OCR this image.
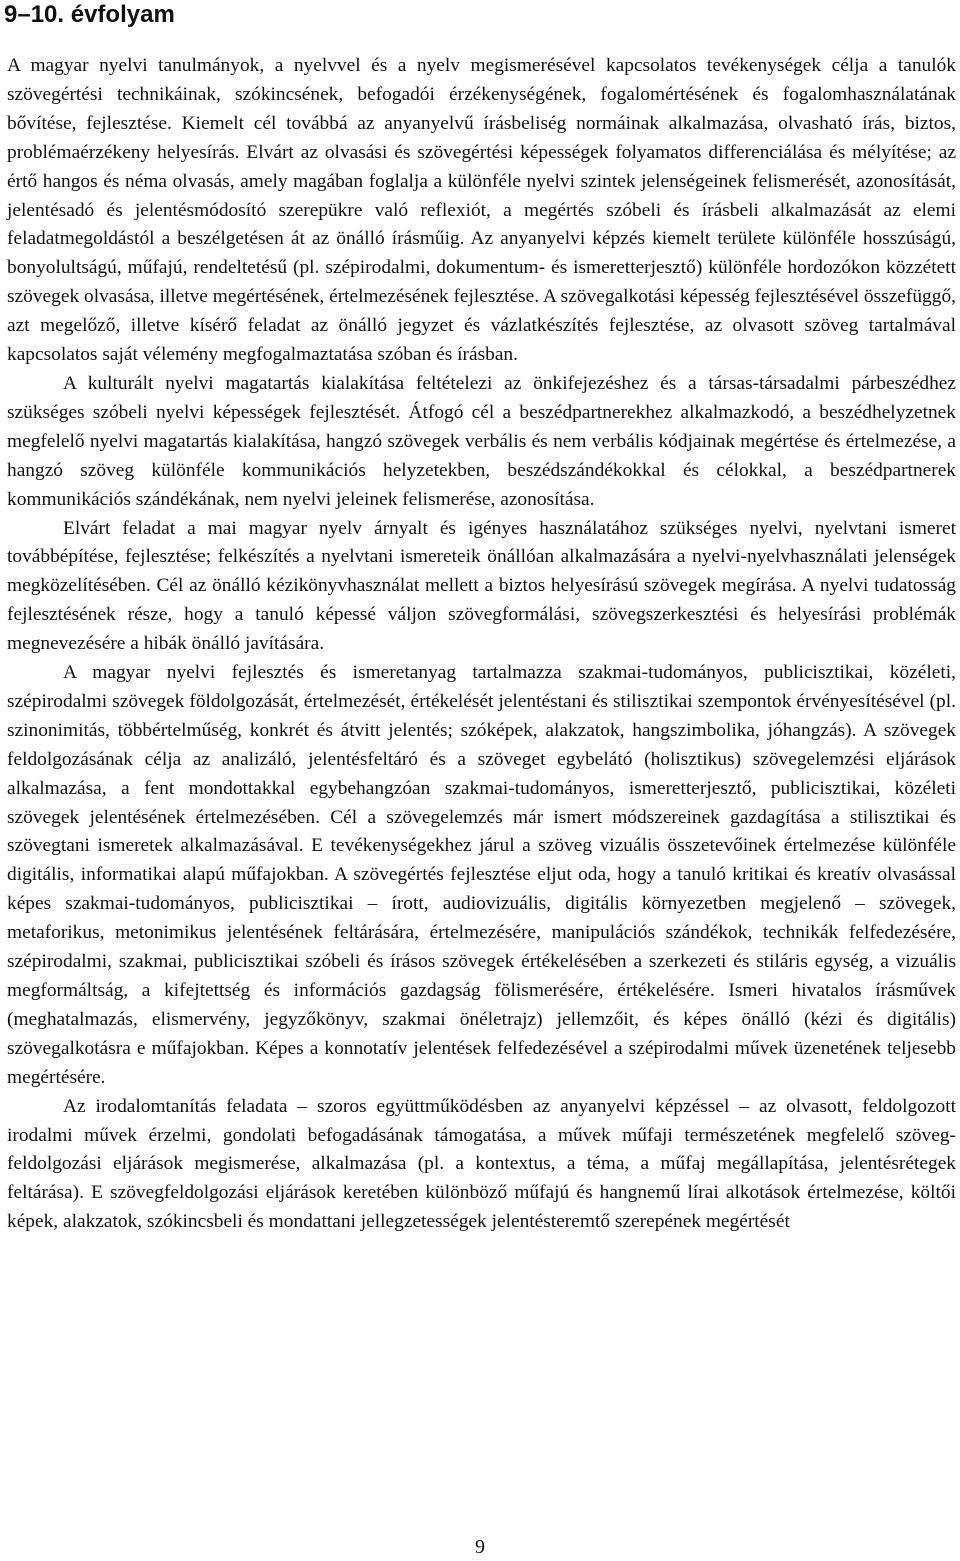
9–10. évfolyam

A magyar nyelvi tanulmányok, a nyelvvel és a nyelv megismerésével kapcsolatos tevékenységek célja a tanulók szövegértési technikáinak, szókincsének, befogadói érzékenységének, fogalomértésének és fogalomhasználatának bővítése, fejlesztése. Kiemelt cél továbbá az anyanyelvű írásbeliség normáinak alkalmazása, olvasható írás, biztos, problémaérzékeny helyesírás. Elvárt az olvasási és szövegértési képességek folyamatos differenciálása és mélyítése; az értő hangos és néma olvasás, amely magában foglalja a különféle nyelvi szintek jelenségeinek felismerését, azonosítását, jelentésadó és jelentésmódosító szerepükre való reflexiót, a megértés szóbeli és írásbeli alkalmazását az elemi feladatmegoldástól a beszélgetésen át az önálló írásműig. Az anyanyelvi képzés kiemelt területe különféle hosszúságú, bonyolultságú, műfajú, rendeltetésű (pl. szépirodalmi, dokumentum- és ismeretterjesztő) különféle hordozókon közzétett szövegek olvasása, illetve megértésének, értelmezésének fejlesztése. A szövegalkotási képesség fejlesztésével összefüggő, azt megelőző, illetve kísérő feladat az önálló jegyzet és vázlatkészítés fejlesztése, az olvasott szöveg tartalmával kapcsolatos saját vélemény megfogalmaztatása szóban és írásban.

A kulturált nyelvi magatartás kialakítása feltételezi az önkifejezéshez és a társas-társadalmi párbeszédhez szükséges szóbeli nyelvi képességek fejlesztését. Átfogó cél a beszédpartnerekhez alkalmazkodó, a beszédhelyzetnek megfelelő nyelvi magatartás kialakítása, hangzó szövegek verbális és nem verbális kódjainak megértése és értelmezése, a hangzó szöveg különféle kommunikációs helyzetekben, beszédszándékokkal és célokkal, a beszédpartnerek kommunikációs szándékának, nem nyelvi jeleinek felismerése, azonosítása.

Elvárt feladat a mai magyar nyelv árnyalt és igényes használatához szükséges nyelvi, nyelvtani ismeret továbbépítése, fejlesztése; felkészítés a nyelvtani ismereteik önállóan alkalmazására a nyelvi-nyelvhasználati jelenségek megközelítésében. Cél az önálló kézikönyvhasználat mellett a biztos helyesírású szövegek megírása. A nyelvi tudatosság fejlesztésének része, hogy a tanuló képessé váljon szövegformálási, szövegszerkesztési és helyesírási problémák megnevezésére a hibák önálló javítására.

A magyar nyelvi fejlesztés és ismeretanyag tartalmazza szakmai-tudományos, publicisztikai, közéleti, szépirodalmi szövegek földolgozását, értelmezését, értékelését jelentéstani és stilisztikai szempontok érvényesítésével (pl. szinonimitás, többértelműség, konkrét és átvitt jelentés; szóképek, alakzatok, hangszimbolika, jóhangzás). A szövegek feldolgozásának célja az analizáló, jelentésfeltáró és a szöveget egybelátó (holisztikus) szövegelemzési eljárások alkalmazása, a fent mondottakkal egybehangzóan szakmai-tudományos, ismeretterjesztő, publicisztikai, közéleti szövegek jelentésének értelmezésében. Cél a szövegelemzés már ismert módszereinek gazdagítása a stilisztikai és szövegtani ismeretek alkalmazásával. E tevékenységekhez járul a szöveg vizuális összetevőinek értelmezése különféle digitális, informatikai alapú műfajokban. A szövegértés fejlesztése eljut oda, hogy a tanuló kritikai és kreatív olvasással képes szakmai-tudományos, publicisztikai – írott, audiovizuális, digitális környezetben megjelenő – szövegek, metaforikus, metonimikus jelentésének feltárására, értelmezésére, manipulációs szándékok, technikák felfedezésére, szépirodalmi, szakmai, publicisztikai szóbeli és írásos szövegek értékelésében a szerkezeti és stiláris egység, a vizuális megformáltság, a kifejtettség és információs gazdagság fölismerésére, értékelésére. Ismeri hivatalos írásművek (meghatalmazás, elismervény, jegyzőkönyv, szakmai önéletrajz) jellemzőit, és képes önálló (kézi és digitális) szövegalkotásra e műfajokban. Képes a konnotatív jelentések felfedezésével a szépirodalmi művek üzenetének teljesebb megértésére.

Az irodalomtanítás feladata – szoros együttműködésben az anyanyelvi képzéssel – az olvasott, feldolgozott irodalmi művek érzelmi, gondolati befogadásának támogatása, a művek műfaji természetének megfelelő szöveg-feldolgozási eljárások megismerése, alkalmazása (pl. a kontextus, a téma, a műfaj megállapítása, jelentésrétegek feltárása). E szövegfeldolgozási eljárások keretében különböző műfajú és hangnemű lírai alkotások értelmezése, költői képek, alakzatok, szókincsbeli és mondattani jellegzetességek jelentésteremtő szerepének megértését

9
